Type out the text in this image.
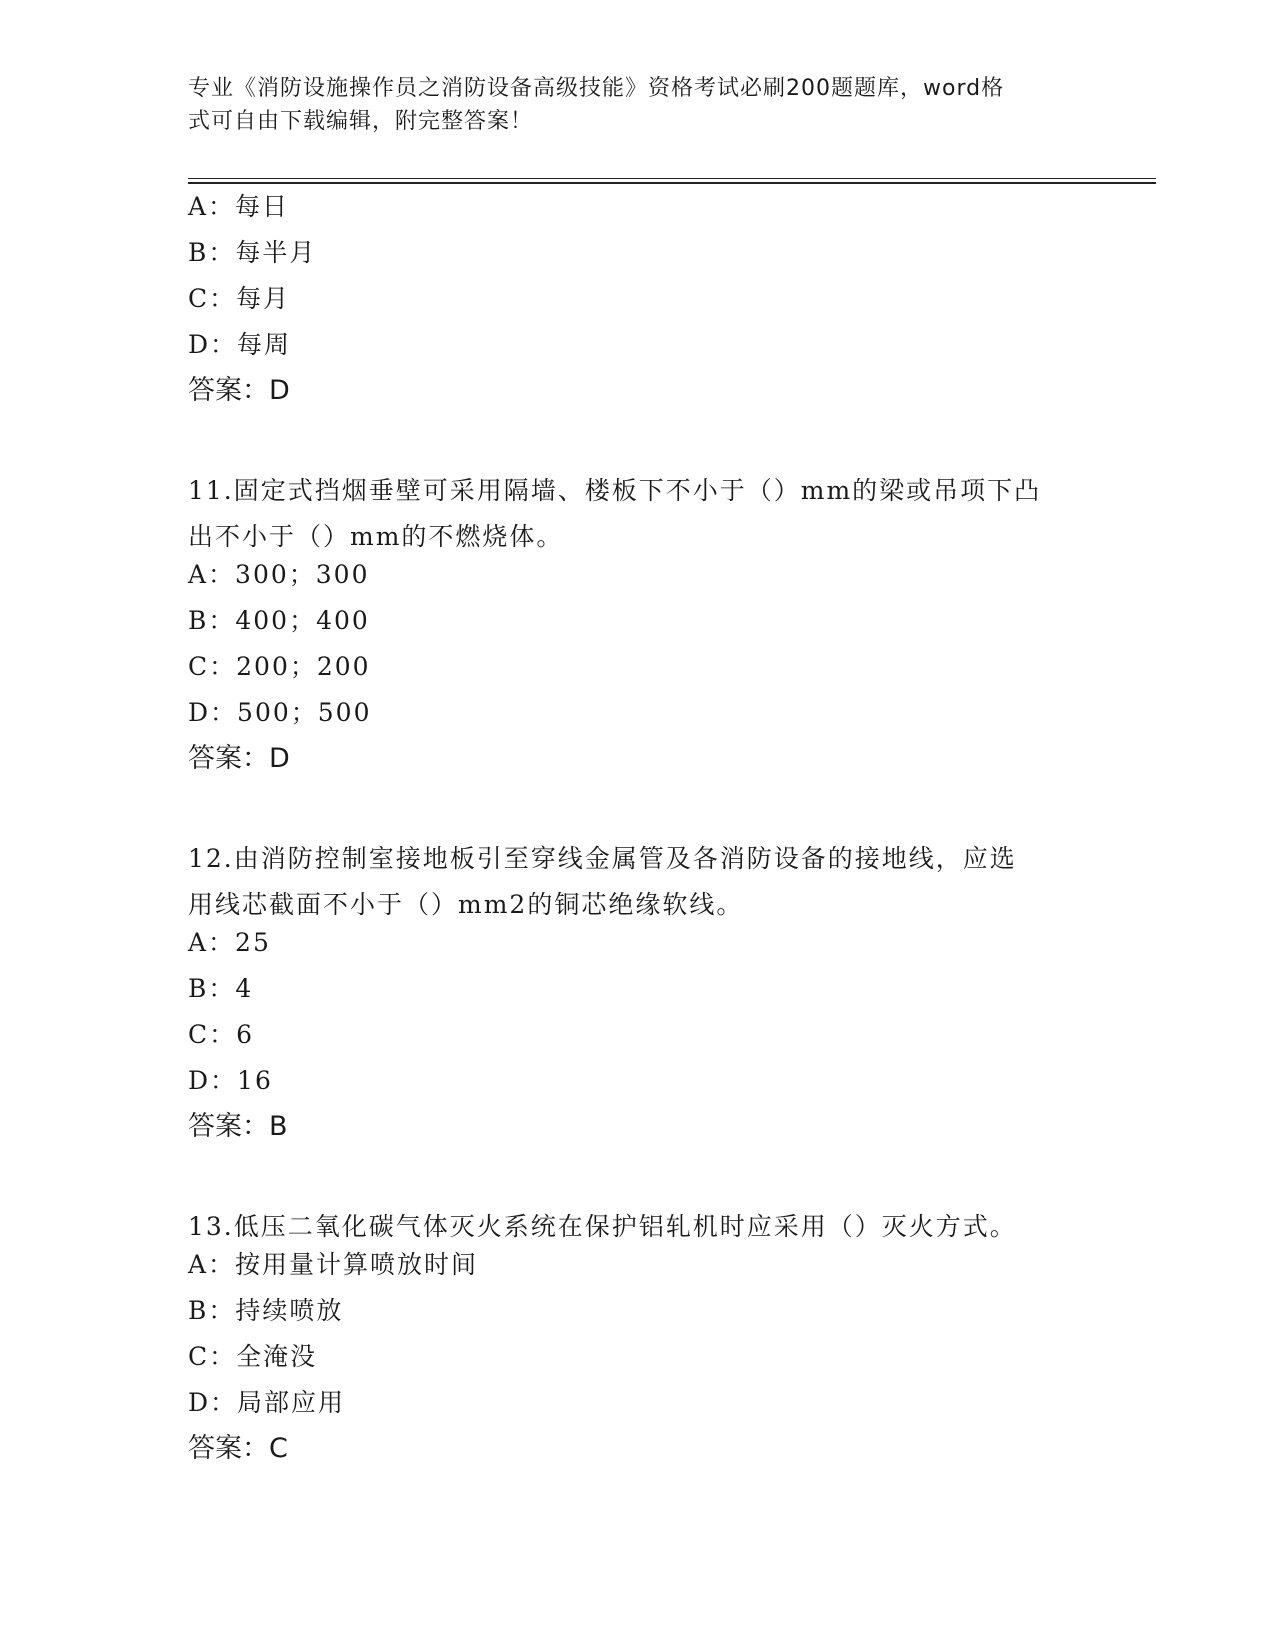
专业《消防设施操作员之消防设备高级技能》资格考试必刷200题题库，word格
式可自由下载编辑，附完整答案！
A：每日
B：每半月
C：每月
D：每周
答案：D
11.固定式挡烟垂壁可采用隔墙、楼板下不小于（）mm的梁或吊项下凸
出不小于（）mm的不燃烧体。
A：300；300
B：400；400
C：200；200
D：500；500
答案：D
12.由消防控制室接地板引至穿线金属管及各消防设备的接地线，应选
用线芯截面不小于（）mm2的铜芯绝缘软线。
A：25
B：4
C：6
D：16
答案：B
13.低压二氧化碳气体灭火系统在保护铝轧机时应采用（）灭火方式。
A：按用量计算喷放时间
B：持续喷放
C：全淹没
D：局部应用
答案：C
